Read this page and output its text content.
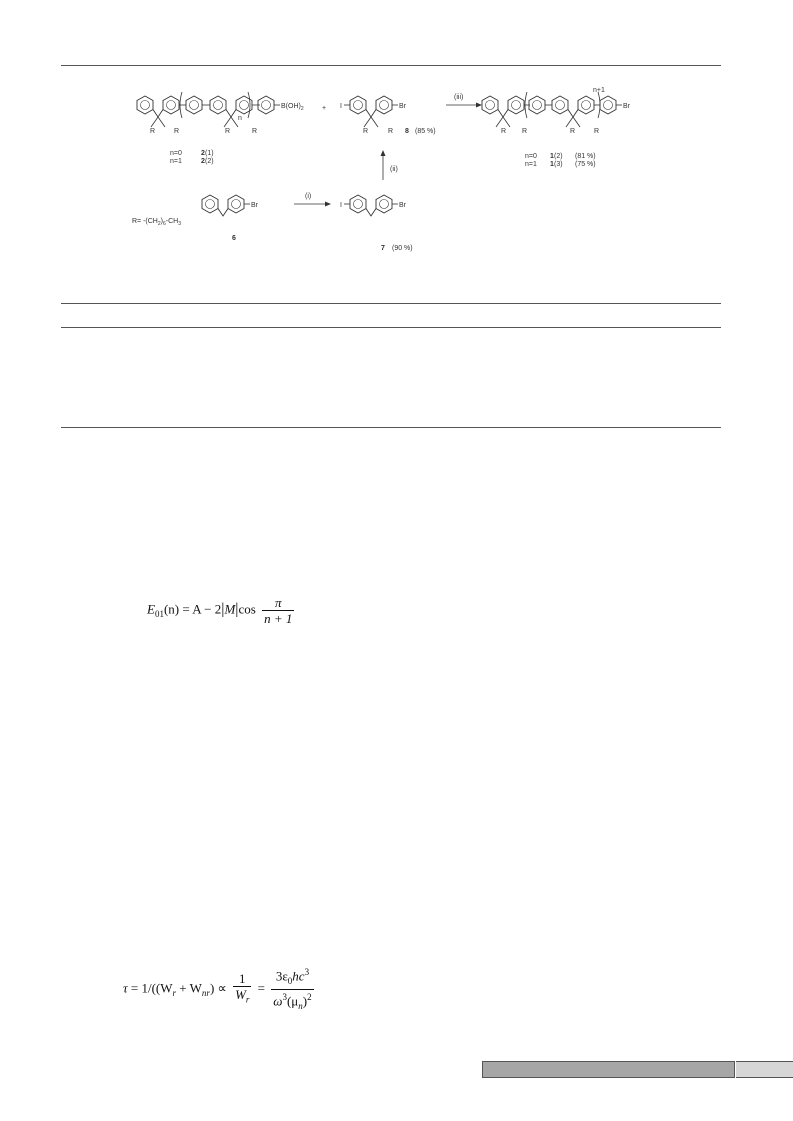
$B(OH)_2$
n
R	R	R	R
n=0	2 (1)
n=1	2 (2)
+ I	Br
R	R 8 (85 %)
(iii)
Br
n+1
R R	R	R
n=0 1 (2) (81 %)
n=1 1 (3) (75 %)
Br
6
$R= -(CH_2)_6-CH_3$
(i)
I	Br
7 (90 %)
(ii)
$E_{01}(n) = A - 2|M|\cos \frac{\pi}{n + 1}$
$\tau = 1/((W_r + W_{nr}) \propto \frac{1}{W_r} = \frac{3\varepsilon_0hc^3}{\omega^3(\mu_n)^2}$
